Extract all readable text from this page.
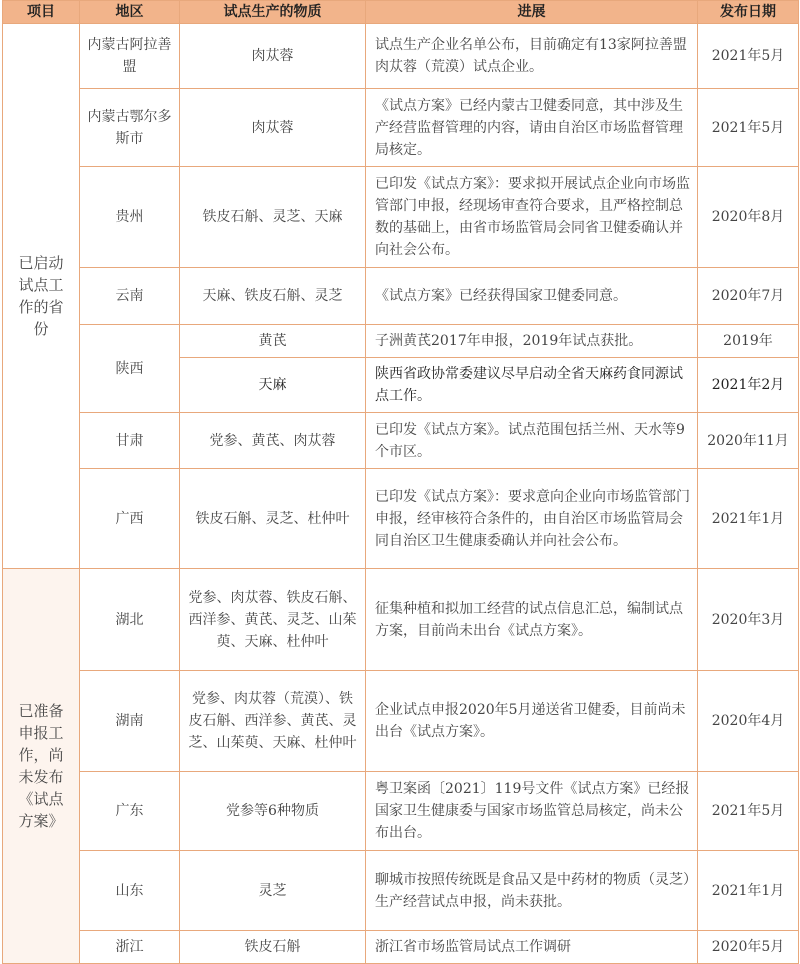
项目	地区	试点生产的物质	进展	发布日期
已启动试点工作的省份	内蒙古阿拉善盟	肉苁蓉	试点生产企业名单公布，目前确定有13家阿拉善盟肉苁蓉（荒漠）试点企业。	2021年5月
	内蒙古鄂尔多斯市	肉苁蓉	《试点方案》已经内蒙古卫健委同意，其中涉及生产经营监督管理的内容，请由自治区市场监督管理局核定。	2021年5月
	贵州	铁皮石斛、灵芝、天麻	已印发《试点方案》：要求拟开展试点企业向市场监管部门申报，经现场审查符合要求，且严格控制总数的基础上，由省市场监管局会同省卫健委确认并向社会公布。	2020年8月
	云南	天麻、铁皮石斛、灵芝	《试点方案》已经获得国家卫健委同意。	2020年7月
	陕西	黄芪	子洲黄芪2017年申报，2019年试点获批。	2019年
		天麻	陕西省政协常委建议尽早启动全省天麻药食同源试点工作。	2021年2月
	甘肃	党参、黄芪、肉苁蓉	已印发《试点方案》。试点范围包括兰州、天水等9个市区。	2020年11月
	广西	铁皮石斛、灵芝、杜仲叶	已印发《试点方案》：要求意向企业向市场监管部门申报，经审核符合条件的，由自治区市场监管局会同自治区卫生健康委确认并向社会公布。	2021年1月
已准备申报工作，尚未发布《试点方案》	湖北	党参、肉苁蓉、铁皮石斛、西洋参、黄芪、灵芝、山茱萸、天麻、杜仲叶	征集种植和拟加工经营的试点信息汇总，编制试点方案，目前尚未出台《试点方案》。	2020年3月
	湖南	党参、肉苁蓉（荒漠）、铁皮石斛、西洋参、黄芪、灵芝、山茱萸、天麻、杜仲叶	企业试点申报2020年5月递送省卫健委，目前尚未出台《试点方案》。	2020年4月
	广东	党参等6种物质	粤卫案函〔2021〕119号文件《试点方案》已经报国家卫生健康委与国家市场监管总局核定，尚未公布出台。	2021年5月
	山东	灵芝	聊城市按照传统既是食品又是中药材的物质（灵芝）生产经营试点申报，尚未获批。	2021年1月
	浙江	铁皮石斛	浙江省市场监管局试点工作调研	2020年5月
